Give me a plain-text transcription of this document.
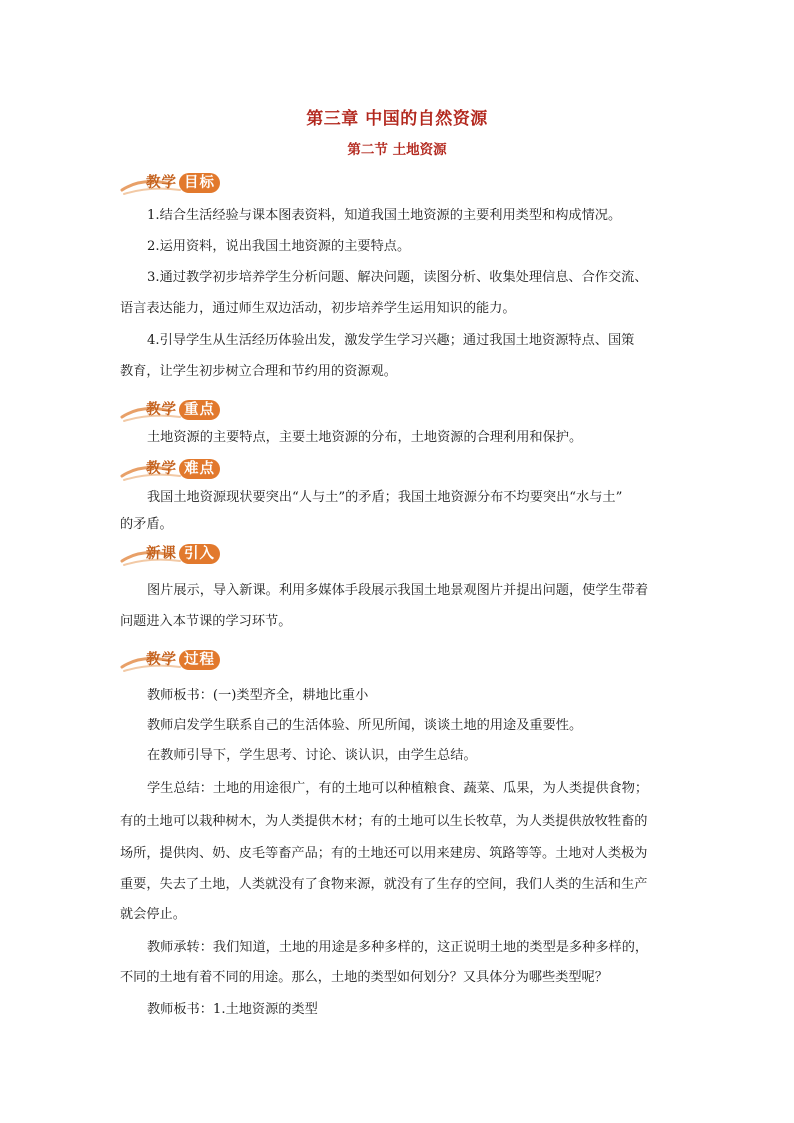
第三章 中国的自然资源
第二节 土地资源
教学 目标
1.结合生活经验与课本图表资料，知道我国土地资源的主要利用类型和构成情况。
2.运用资料，说出我国土地资源的主要特点。
3.通过教学初步培养学生分析问题、解决问题，读图分析、收集处理信息、合作交流、
语言表达能力，通过师生双边活动，初步培养学生运用知识的能力。
4.引导学生从生活经历体验出发，激发学生学习兴趣；通过我国土地资源特点、国策
教育，让学生初步树立合理和节约用的资源观。
教学 重点
土地资源的主要特点，主要土地资源的分布，土地资源的合理利用和保护。
教学 难点
我国土地资源现状要突出“人与土”的矛盾；我国土地资源分布不均要突出“水与土”
的矛盾。
新课 引入
图片展示，导入新课。利用多媒体手段展示我国土地景观图片并提出问题，使学生带着
问题进入本节课的学习环节。
教学 过程
教师板书：(一)类型齐全，耕地比重小
教师启发学生联系自己的生活体验、所见所闻，谈谈土地的用途及重要性。
在教师引导下，学生思考、讨论、谈认识，由学生总结。
学生总结：土地的用途很广，有的土地可以种植粮食、蔬菜、瓜果，为人类提供食物；
有的土地可以栽种树木，为人类提供木材；有的土地可以生长牧草，为人类提供放牧牲畜的
场所，提供肉、奶、皮毛等畜产品；有的土地还可以用来建房、筑路等等。土地对人类极为
重要，失去了土地，人类就没有了食物来源，就没有了生存的空间，我们人类的生活和生产
就会停止。
教师承转：我们知道，土地的用途是多种多样的，这正说明土地的类型是多种多样的，
不同的土地有着不同的用途。那么，土地的类型如何划分？又具体分为哪些类型呢？
教师板书：1.土地资源的类型
